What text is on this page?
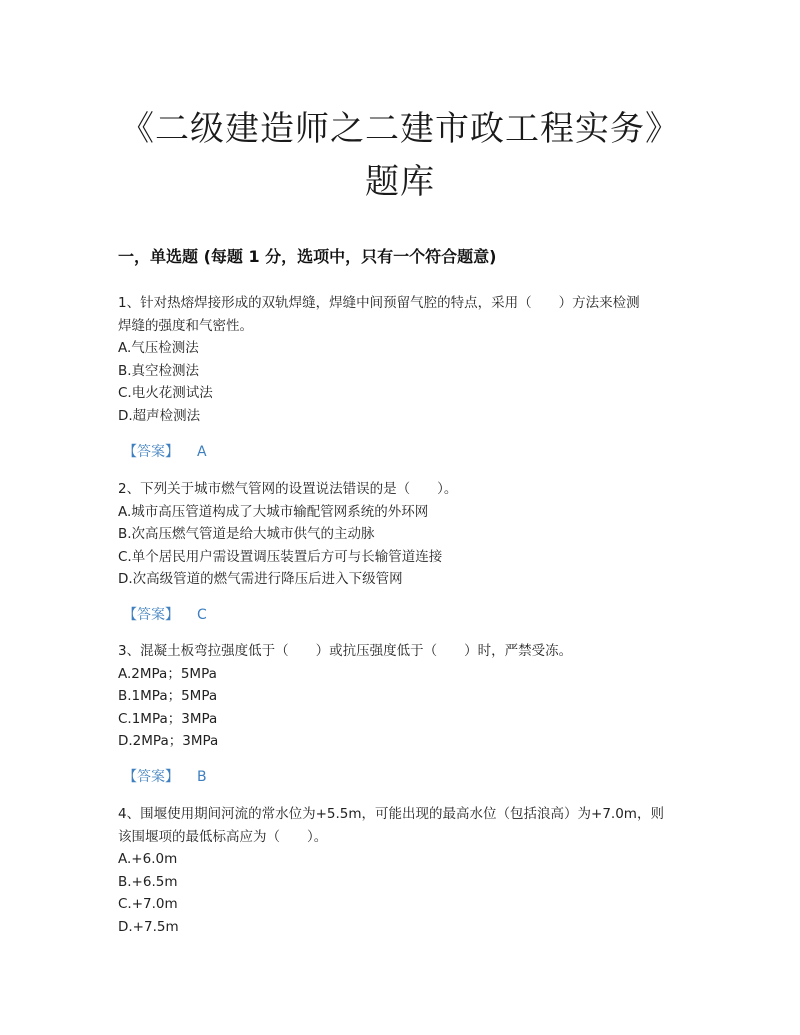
《二级建造师之二建市政工程实务》
题库
一，单选题 (每题 1 分，选项中，只有一个符合题意)

1、针对热熔焊接形成的双轨焊缝，焊缝中间预留气腔的特点，采用（　　）方法来检测

焊缝的强度和气密性。

A.气压检测法

B.真空检测法

C.电火花测试法

D.超声检测法

【答案】 A

2、下列关于城市燃气管网的设置说法错误的是（　　）。

A.城市高压管道构成了大城市输配管网系统的外环网

B.次高压燃气管道是给大城市供气的主动脉

C.单个居民用户需设置调压装置后方可与长输管道连接

D.次高级管道的燃气需进行降压后进入下级管网

【答案】 C

3、混凝土板弯拉强度低于（　　）或抗压强度低于（　　）时，严禁受冻。

A.2MPa；5MPa

B.1MPa；5MPa

C.1MPa；3MPa

D.2MPa；3MPa

【答案】 B

4、围堰使用期间河流的常水位为+5.5m，可能出现的最高水位（包括浪高）为+7.0m，则

该围堰项的最低标高应为（　　）。

A.+6.0m

B.+6.5m

C.+7.0m

D.+7.5m
